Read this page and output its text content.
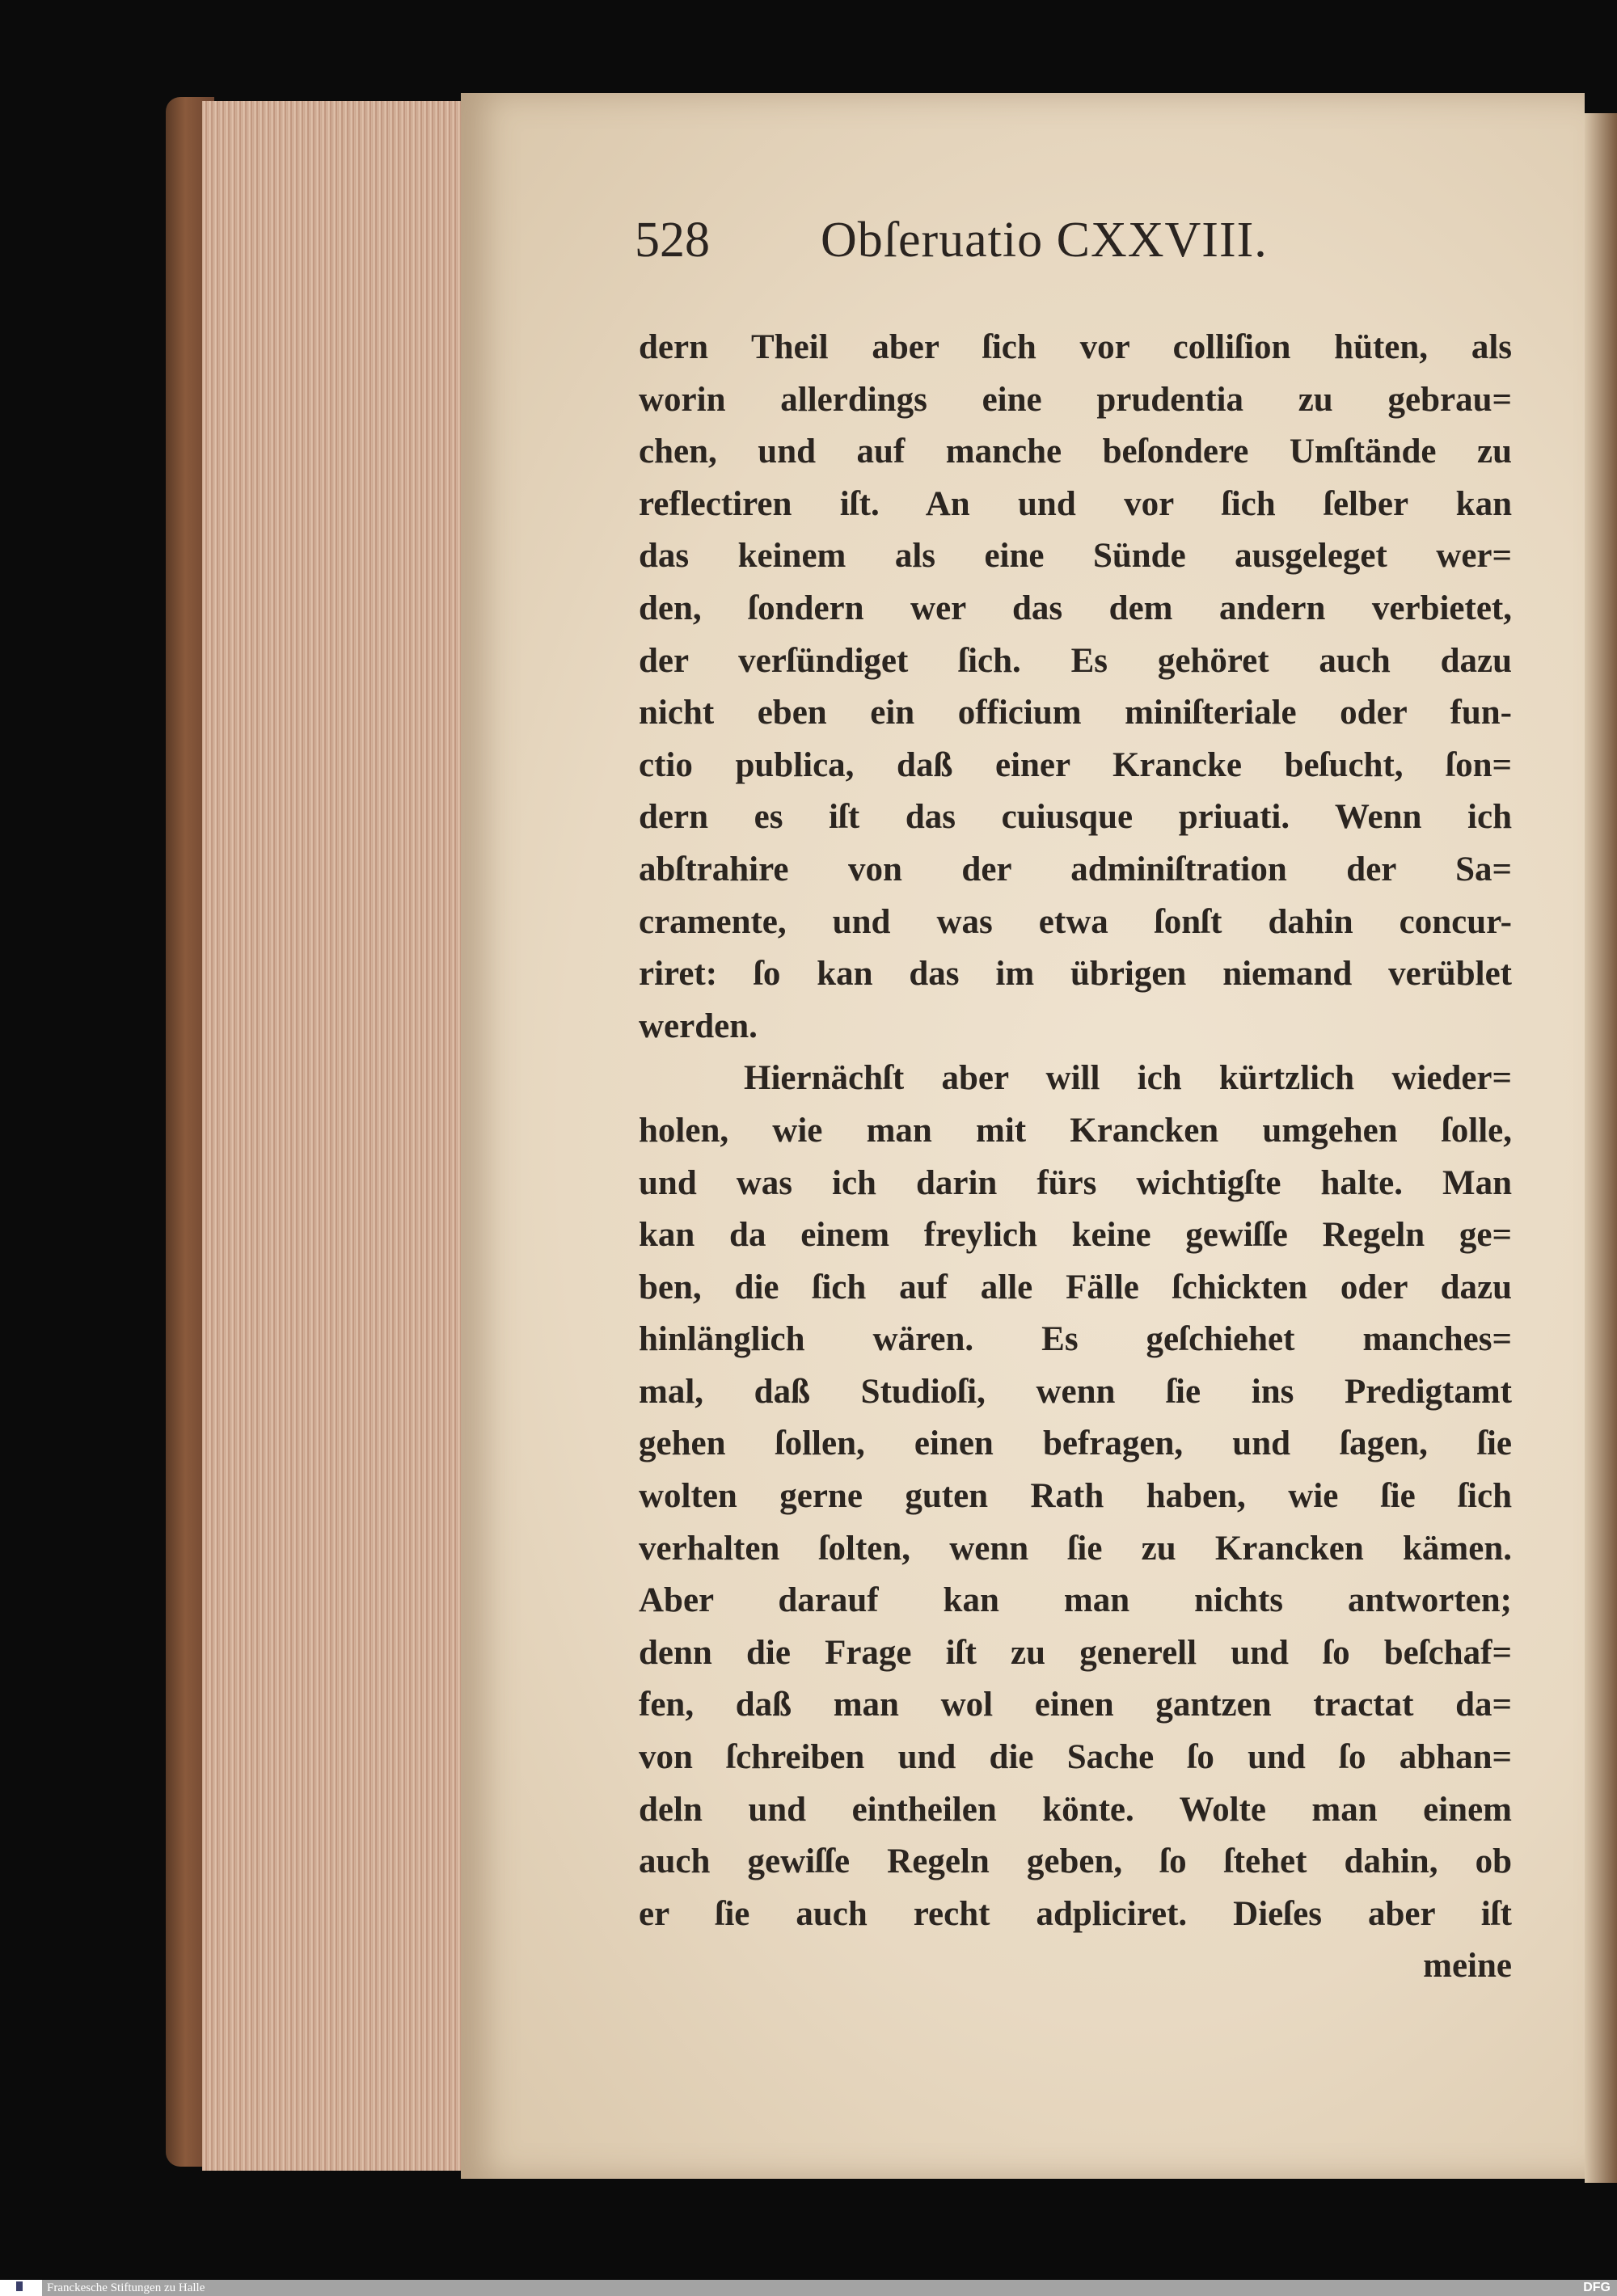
528 Obſeruatio CXXVIII.
dern Theil aber ſich vor colliſion hüten, als
worin allerdings eine prudentia zu gebrau=
chen, und auf manche beſondere Umſtände zu
reflectiren iſt. An und vor ſich ſelber kan
das keinem als eine Sünde ausgeleget wer=
den, ſondern wer das dem andern verbietet,
der verſündiget ſich. Es gehöret auch dazu
nicht eben ein officium miniſteriale oder fun-
ctio publica, daß einer Krancke beſucht, ſon=
dern es iſt das cuiusque priuati. Wenn ich
abſtrahire von der adminiſtration der Sa=
cramente, und was etwa ſonſt dahin concur-
riret: ſo kan das im übrigen niemand verüblet
werden.
Hiernächſt aber will ich kürtzlich wieder=
holen, wie man mit Krancken umgehen ſolle,
und was ich darin fürs wichtigſte halte. Man
kan da einem freylich keine gewiſſe Regeln ge=
ben, die ſich auf alle Fälle ſchickten oder dazu
hinlänglich wären. Es geſchiehet manches=
mal, daß Studioſi, wenn ſie ins Predigtamt
gehen ſollen, einen befragen, und ſagen, ſie
wolten gerne guten Rath haben, wie ſie ſich
verhalten ſolten, wenn ſie zu Krancken kämen.
Aber darauf kan man nichts antworten;
denn die Frage iſt zu generell und ſo beſchaf=
fen, daß man wol einen gantzen tractat da=
von ſchreiben und die Sache ſo und ſo abhan=
deln und eintheilen könte. Wolte man einem
auch gewiſſe Regeln geben, ſo ſtehet dahin, ob
er ſie auch recht adpliciret. Dieſes aber iſt
meine
Franckesche Stiftungen zu Halle	DFG
